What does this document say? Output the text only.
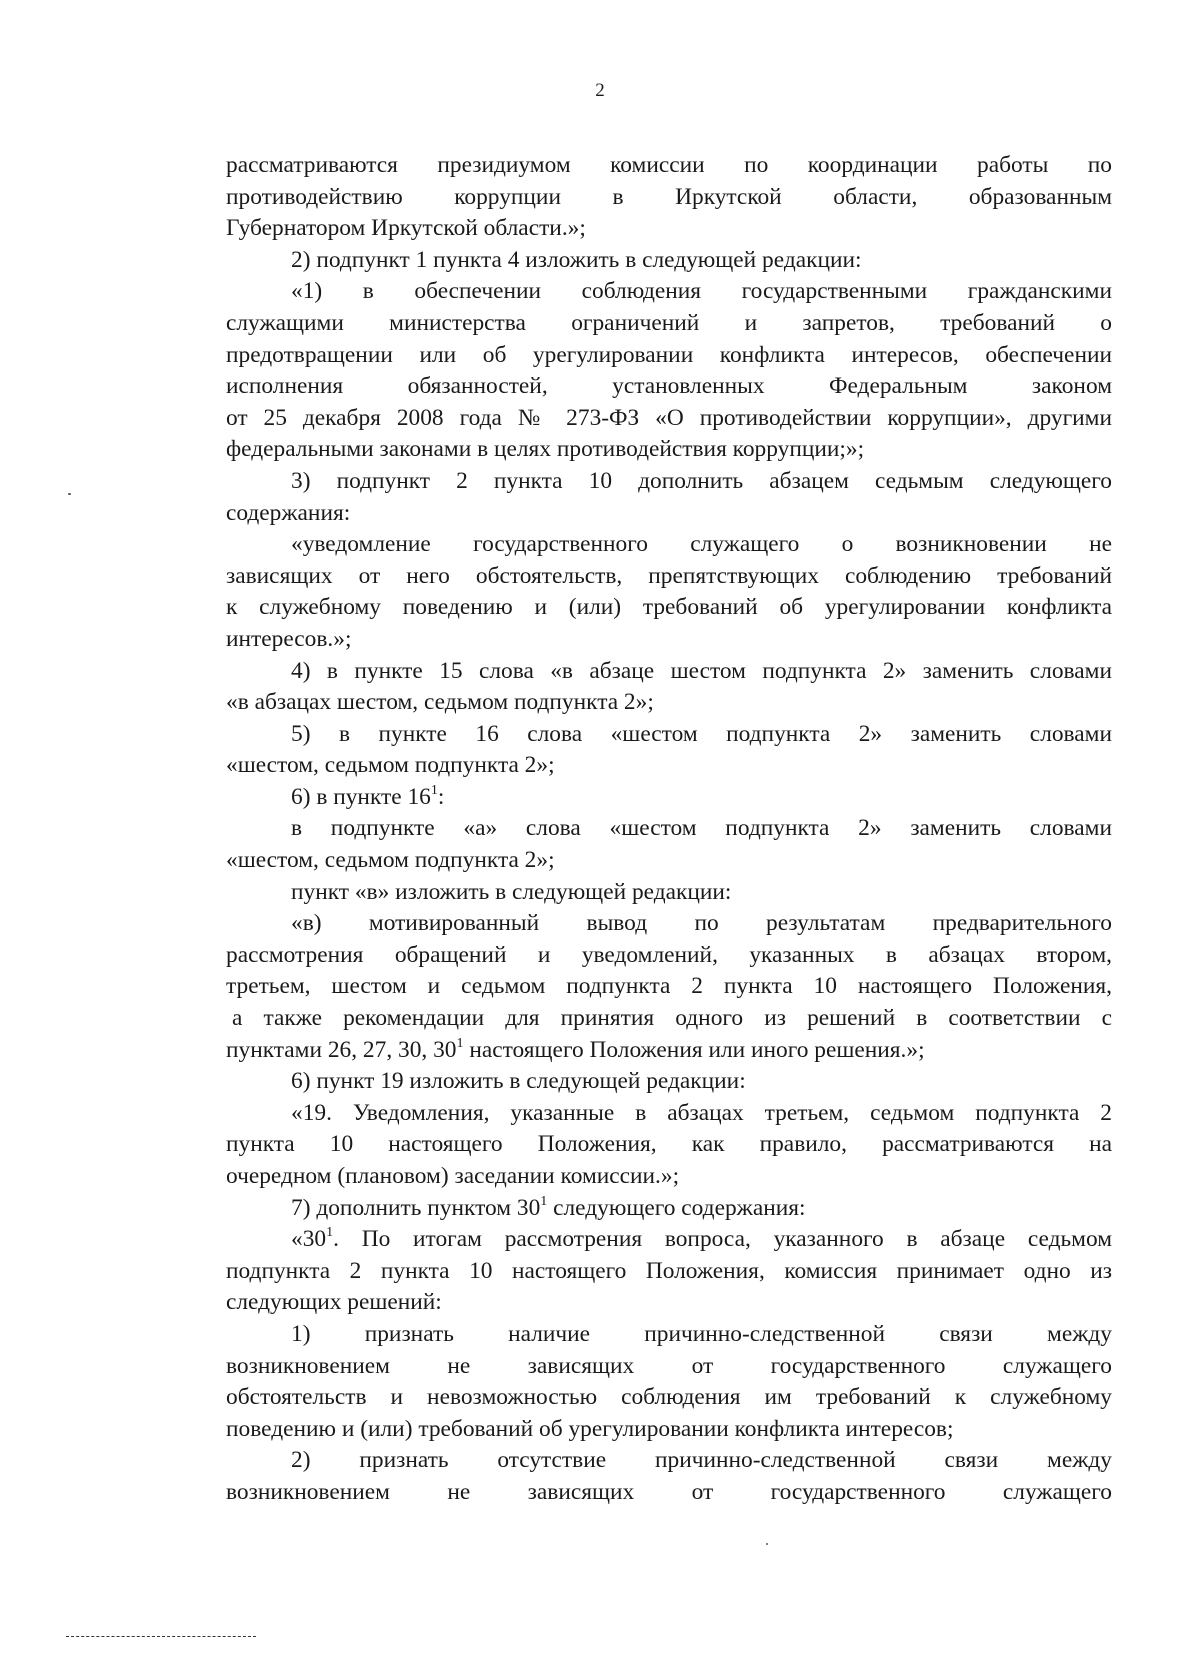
2
рассматриваются президиумом комиссии по координации работы по
противодействию коррупции в Иркутской области, образованным
Губернатором Иркутской области.»;
2) подпункт 1 пункта 4 изложить в следующей редакции:
«1) в обеспечении соблюдения государственными гражданскими
служащими министерства ограничений и запретов, требований о
предотвращении или об урегулировании конфликта интересов, обеспечении
исполнения обязанностей, установленных Федеральным законом
от 25 декабря 2008 года № 273-ФЗ «О противодействии коррупции», другими
федеральными законами в целях противодействия коррупции;»;
3) подпункт 2 пункта 10 дополнить абзацем седьмым следующего
содержания:
«уведомление государственного служащего о возникновении не
зависящих от него обстоятельств, препятствующих соблюдению требований
к служебному поведению и (или) требований об урегулировании конфликта
интересов.»;
4) в пункте 15 слова «в абзаце шестом подпункта 2» заменить словами
«в абзацах шестом, седьмом подпункта 2»;
5) в пункте 16 слова «шестом подпункта 2» заменить словами
«шестом, седьмом подпункта 2»;
6) в пункте $16^1$:
в подпункте «а» слова «шестом подпункта 2» заменить словами
«шестом, седьмом подпункта 2»;
пункт «в» изложить в следующей редакции:
«в) мотивированный вывод по результатам предварительного
рассмотрения обращений и уведомлений, указанных в абзацах втором,
третьем, шестом и седьмом подпункта 2 пункта 10 настоящего Положения,
а также рекомендации для принятия одного из решений в соответствии с
пунктами 26, 27, 30, $30^1$ настоящего Положения или иного решения.»;
6) пункт 19 изложить в следующей редакции:
«19. Уведомления, указанные в абзацах третьем, седьмом подпункта 2
пункта 10 настоящего Положения, как правило, рассматриваются на
очередном (плановом) заседании комиссии.»;
7) дополнить пунктом $30^1$ следующего содержания:
«$30^1$. По итогам рассмотрения вопроса, указанного в абзаце седьмом
подпункта 2 пункта 10 настоящего Положения, комиссия принимает одно из
следующих решений:
1) признать наличие причинно-следственной связи между
возникновением не зависящих от государственного служащего
обстоятельств и невозможностью соблюдения им требований к служебному
поведению и (или) требований об урегулировании конфликта интересов;
2) признать отсутствие причинно-следственной связи между
возникновением не зависящих от государственного служащего
